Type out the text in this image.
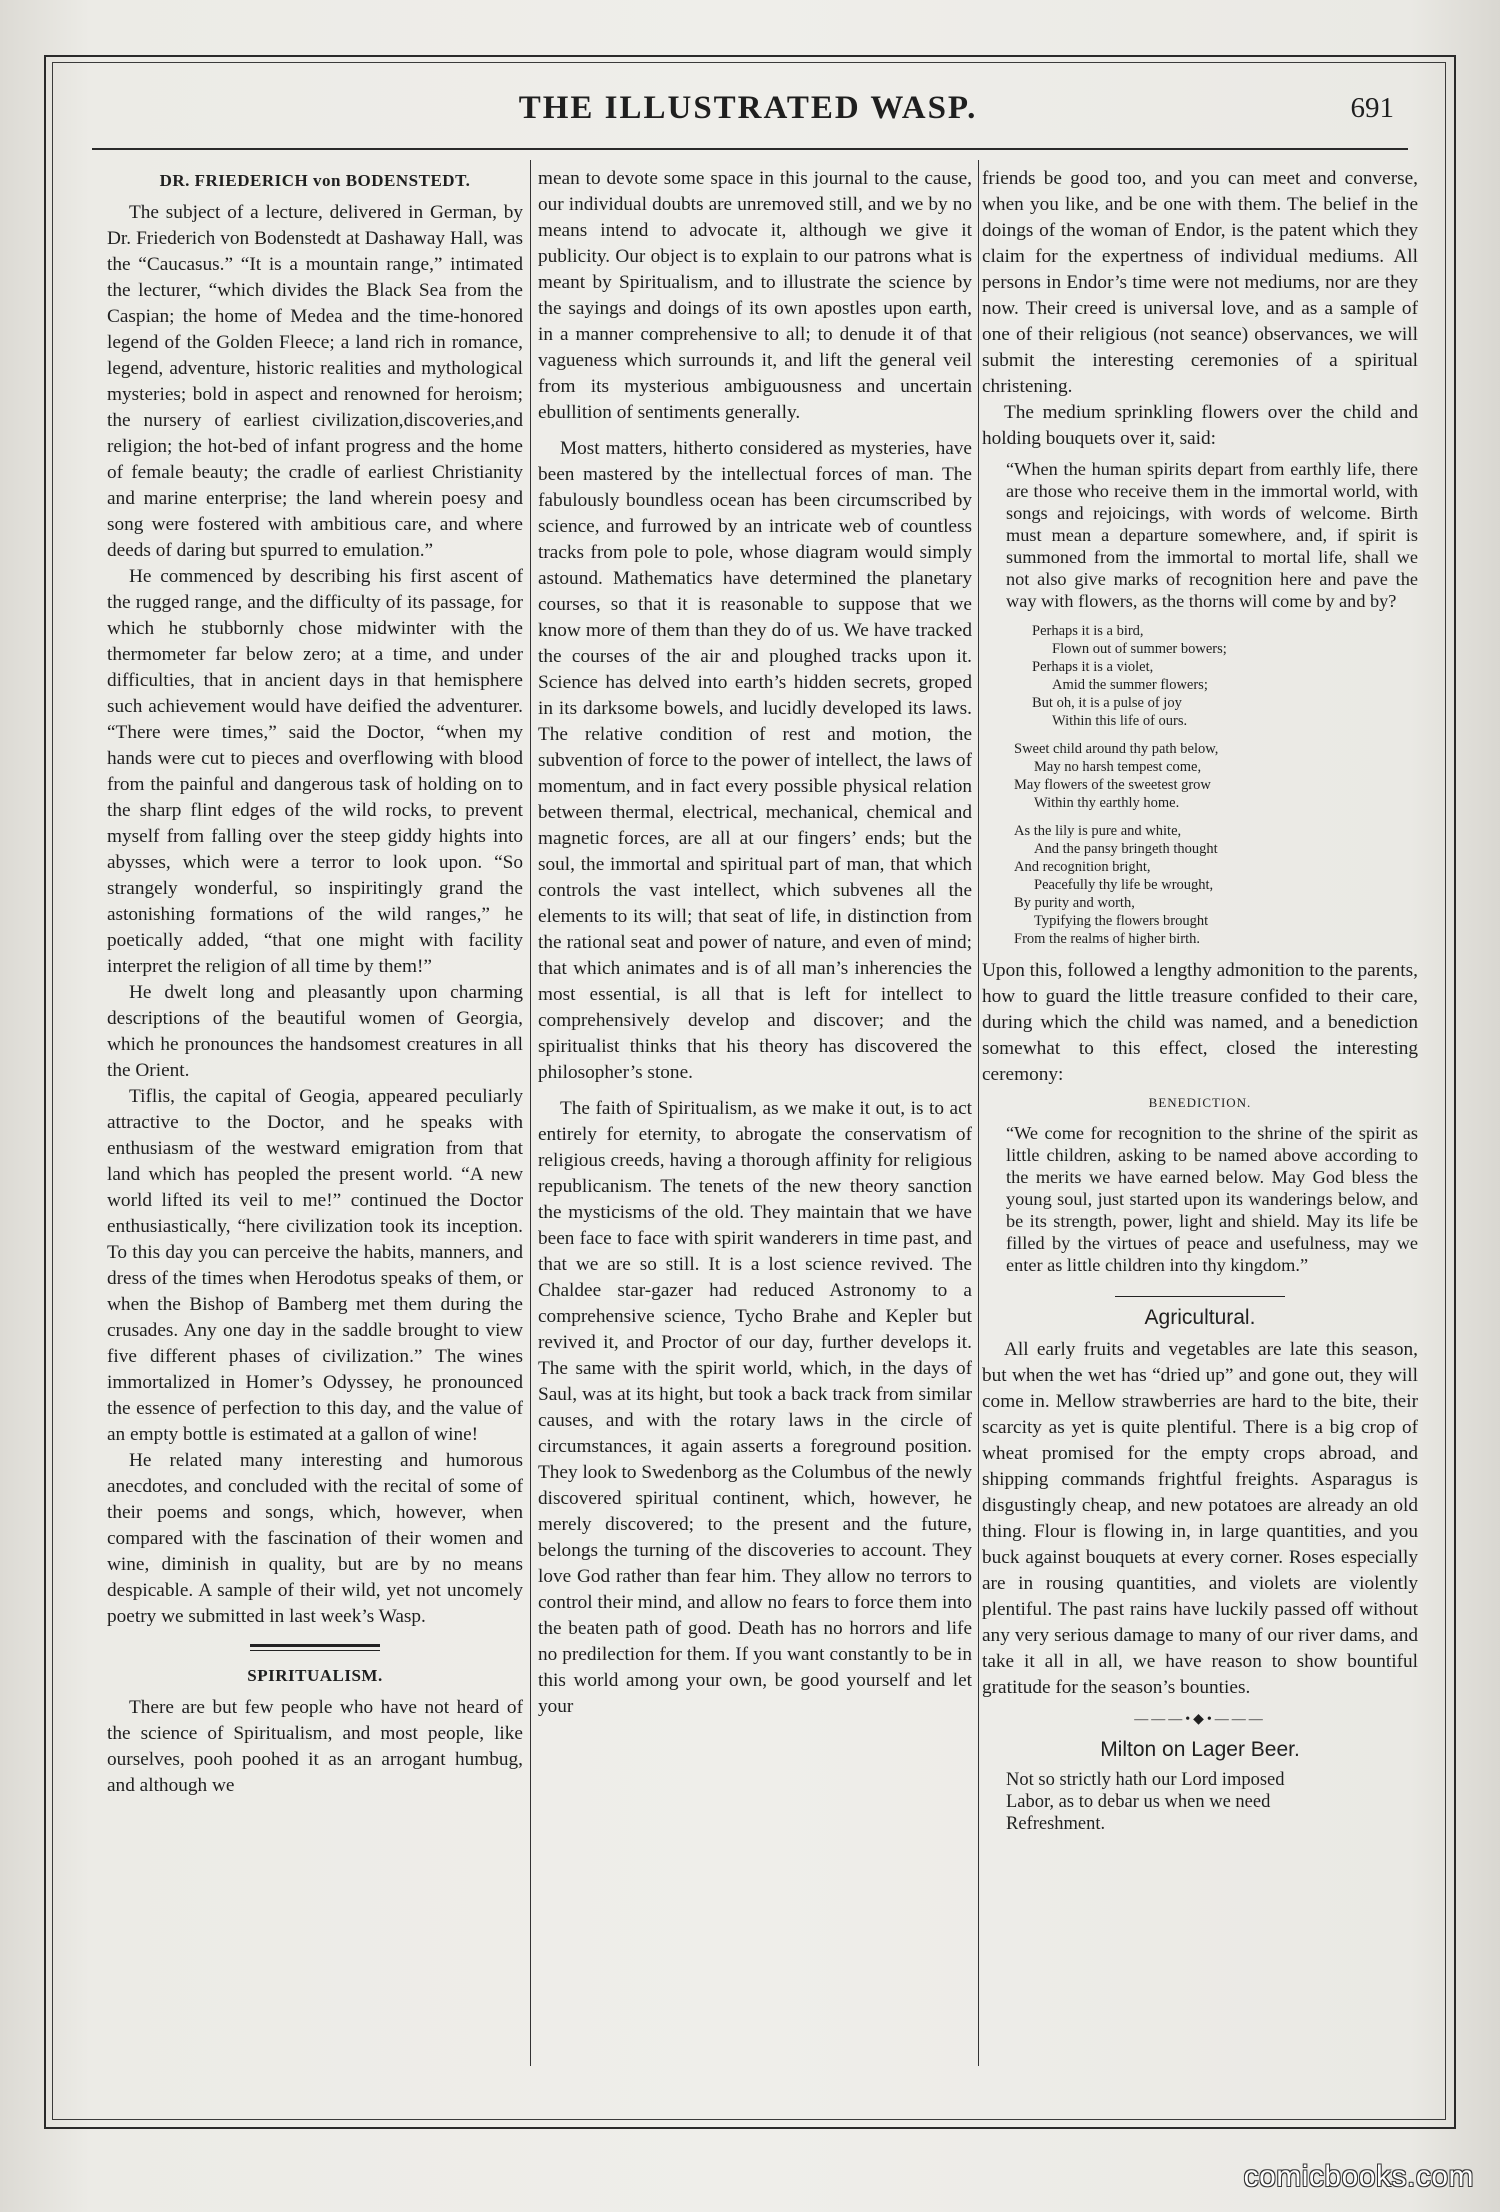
THE ILLUSTRATED WASP.	691
DR. FRIEDERICH von BODENSTEDT.

The subject of a lecture, delivered in German, by Dr. Friederich von Bodenstedt at Dashaway Hall, was the “Caucasus.” “It is a mountain range,” intimated the lecturer, “which divides the Black Sea from the Caspian; the home of Medea and the time-honored legend of the Golden Fleece; a land rich in romance, legend, adventure, historic realities and mythological mysteries; bold in aspect and renowned for heroism; the nursery of earliest civilization,discoveries,and religion; the hot-bed of infant progress and the home of female beauty; the cradle of earliest Christianity and marine enterprise; the land wherein poesy and song were fostered with ambitious care, and where deeds of daring but spurred to emulation.”

He commenced by describing his first ascent of the rugged range, and the difficulty of its passage, for which he stubbornly chose midwinter with the thermometer far below zero; at a time, and under difficulties, that in ancient days in that hemisphere such achievement would have deified the adventurer. “There were times,” said the Doctor, “when my hands were cut to pieces and overflowing with blood from the painful and dangerous task of holding on to the sharp flint edges of the wild rocks, to prevent myself from falling over the steep giddy hights into abysses, which were a terror to look upon. “So strangely wonderful, so inspiritingly grand the astonishing formations of the wild ranges,” he poetically added, “that one might with facility interpret the religion of all time by them!”

He dwelt long and pleasantly upon charming descriptions of the beautiful women of Georgia, which he pronounces the handsomest creatures in all the Orient.

Tiflis, the capital of Geogia, appeared peculiarly attractive to the Doctor, and he speaks with enthusiasm of the westward emigration from that land which has peopled the present world. “A new world lifted its veil to me!” continued the Doctor enthusiastically, “here civilization took its inception. To this day you can perceive the habits, manners, and dress of the times when Herodotus speaks of them, or when the Bishop of Bamberg met them during the crusades. Any one day in the saddle brought to view five different phases of civilization.” The wines immortalized in Homer’s Odyssey, he pronounced the essence of perfection to this day, and the value of an empty bottle is estimated at a gallon of wine!

He related many interesting and humorous anecdotes, and concluded with the recital of some of their poems and songs, which, however, when compared with the fascination of their women and wine, diminish in quality, but are by no means despicable. A sample of their wild, yet not uncomely poetry we submitted in last week’s Wasp.

SPIRITUALISM.

There are but few people who have not heard of the science of Spiritualism, and most people, like ourselves, pooh poohed it as an arrogant humbug, and although we

mean to devote some space in this journal to the cause, our individual doubts are unremoved still, and we by no means intend to advocate it, although we give it publicity. Our object is to explain to our patrons what is meant by Spiritualism, and to illustrate the science by the sayings and doings of its own apostles upon earth, in a manner comprehensive to all; to denude it of that vagueness which surrounds it, and lift the general veil from its mysterious ambiguousness and uncertain ebullition of sentiments generally.

Most matters, hitherto considered as mysteries, have been mastered by the intellectual forces of man. The fabulously boundless ocean has been circumscribed by science, and furrowed by an intricate web of countless tracks from pole to pole, whose diagram would simply astound. Mathematics have determined the planetary courses, so that it is reasonable to suppose that we know more of them than they do of us. We have tracked the courses of the air and ploughed tracks upon it. Science has delved into earth’s hidden secrets, groped in its darksome bowels, and lucidly developed its laws. The relative condition of rest and motion, the subvention of force to the power of intellect, the laws of momentum, and in fact every possible physical relation between thermal, electrical, mechanical, chemical and magnetic forces, are all at our fingers’ ends; but the soul, the immortal and spiritual part of man, that which controls the vast intellect, which subvenes all the elements to its will; that seat of life, in distinction from the rational seat and power of nature, and even of mind; that which animates and is of all man’s inherencies the most essential, is all that is left for intellect to comprehensively develop and discover; and the spiritualist thinks that his theory has discovered the philosopher’s stone.

The faith of Spiritualism, as we make it out, is to act entirely for eternity, to abrogate the conservatism of religious creeds, having a thorough affinity for religious republicanism. The tenets of the new theory sanction the mysticisms of the old. They maintain that we have been face to face with spirit wanderers in time past, and that we are so still. It is a lost science revived. The Chaldee star-gazer had reduced Astronomy to a comprehensive science, Tycho Brahe and Kepler but revived it, and Proctor of our day, further develops it. The same with the spirit world, which, in the days of Saul, was at its hight, but took a back track from similar causes, and with the rotary laws in the circle of circumstances, it again asserts a foreground position. They look to Swedenborg as the Columbus of the newly discovered spiritual continent, which, however, he merely discovered; to the present and the future, belongs the turning of the discoveries to account. They love God rather than fear him. They allow no terrors to control their mind, and allow no fears to force them into the beaten path of good. Death has no horrors and life no predilection for them. If you want constantly to be in this world among your own, be good yourself and let your

friends be good too, and you can meet and converse, when you like, and be one with them. The belief in the doings of the woman of Endor, is the patent which they claim for the expertness of individual mediums. All persons in Endor’s time were not mediums, nor are they now. Their creed is universal love, and as a sample of one of their religious (not seance) observances, we will submit the interesting ceremonies of a spiritual christening.

The medium sprinkling flowers over the child and holding bouquets over it, said:

“When the human spirits depart from earthly life, there are those who receive them in the immortal world, with songs and rejoicings, with words of welcome. Birth must mean a departure somewhere, and, if spirit is summoned from the immortal to mortal life, shall we not also give marks of recognition here and pave the way with flowers, as the thorns will come by and by?

Perhaps it is a bird,
Flown out of summer bowers;
Perhaps it is a violet,
Amid the summer flowers;
But oh, it is a pulse of joy
Within this life of ours.
Sweet child around thy path below,
May no harsh tempest come,
May flowers of the sweetest grow
Within thy earthly home.
As the lily is pure and white,
And the pansy bringeth thought
And recognition bright,
Peacefully thy life be wrought,
By purity and worth,
Typifying the flowers brought
From the realms of higher birth.

Upon this, followed a lengthy admonition to the parents, how to guard the little treasure confided to their care, during which the child was named, and a benediction somewhat to this effect, closed the interesting ceremony:

BENEDICTION.

“We come for recognition to the shrine of the spirit as little children, asking to be named above according to the merits we have earned below. May God bless the young soul, just started upon its wanderings below, and be its strength, power, light and shield. May its life be filled by the virtues of peace and usefulness, may we enter as little children into thy kingdom.”

Agricultural.

All early fruits and vegetables are late this season, but when the wet has “dried up” and gone out, they will come in. Mellow strawberries are hard to the bite, their scarcity as yet is quite plentiful. There is a big crop of wheat promised for the empty crops abroad, and shipping commands frightful freights. Asparagus is disgustingly cheap, and new potatoes are already an old thing. Flour is flowing in, in large quantities, and you buck against bouquets at every corner. Roses especially are in rousing quantities, and violets are violently plentiful. The past rains have luckily passed off without any very serious damage to many of our river dams, and take it all in all, we have reason to show bountiful gratitude for the season’s bounties.

———•◆•———
Milton on Lager Beer.
Not so strictly hath our Lord imposed
Labor, as to debar us when we need
Refreshment.
comicbooks.com
